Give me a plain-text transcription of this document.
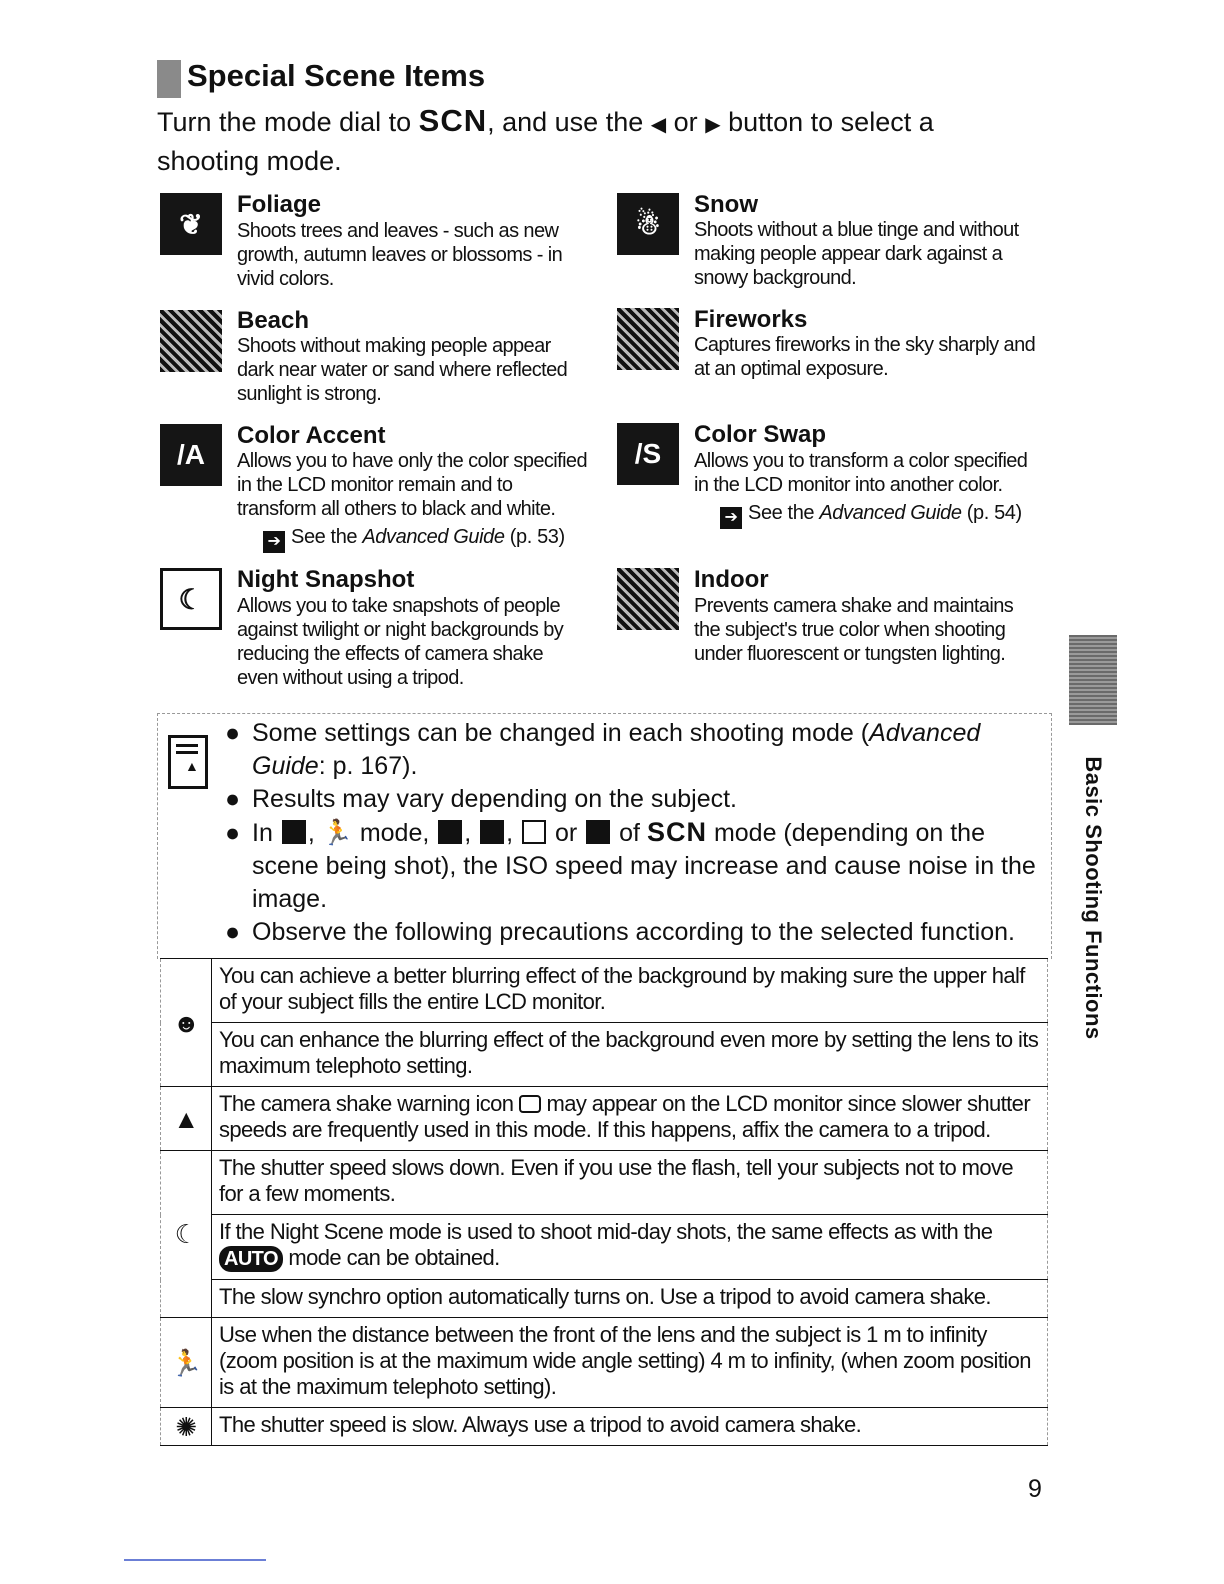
Special Scene Items
Turn the mode dial to SCN, and use the ◀ or ▶ button to select a shooting mode.
❦
Foliage
Shoots trees and leaves - such as new growth, autumn leaves or blossoms - in vivid colors.
☃
Snow
Shoots without a blue tinge and without making people appear dark against a snowy background.
Beach
Shoots without making people appear dark near water or sand where reflected sunlight is strong.
Fireworks
Captures fireworks in the sky sharply and at an optimal exposure.
/ A
Color Accent
Allows you to have only the color specified in the LCD monitor remain and to transform all others to black and white.
➔ See the Advanced Guide (p. 53)
/ S
Color Swap
Allows you to transform a color specified in the LCD monitor into another color.
➔ See the Advanced Guide (p. 54)
☾
Night Snapshot
Allows you to take snapshots of people against twilight or night backgrounds by reducing the effects of camera shake even without using a tripod.
Indoor
Prevents camera shake and maintains the subject's true color when shooting under fluorescent or tungsten lighting.
▲

● Some settings can be changed in each shooting mode (Advanced Guide: p. 167).

● Results may vary depending on the subject.

● In , 🏃 mode, , ,  or of SCN mode (depending on the scene being shot), the ISO speed may increase and cause noise in the image.

● Observe the following precautions according to the selected function.

☻	You can achieve a better blurring effect of the background by making sure the upper half of your subject fills the entire LCD monitor.
	You can enhance the blurring effect of the background even more by setting the lens to its maximum telephoto setting.
▲	The camera shake warning icon may appear on the LCD monitor since slower shutter speeds are frequently used in this mode. If this happens, affix the camera to a tripod.
☾	The shutter speed slows down. Even if you use the flash, tell your subjects not to move for a few moments.
	If the Night Scene mode is used to shoot mid-day shots, the same effects as with the AUTO mode can be obtained.
	The slow synchro option automatically turns on. Use a tripod to avoid camera shake.
🏃	Use when the distance between the front of the lens and the subject is 1 m to infinity (zoom position is at the maximum wide angle setting) 4 m to infinity, (when zoom position is at the maximum telephoto setting).
✺	The shutter speed is slow. Always use a tripod to avoid camera shake.
Basic Shooting Functions
9
